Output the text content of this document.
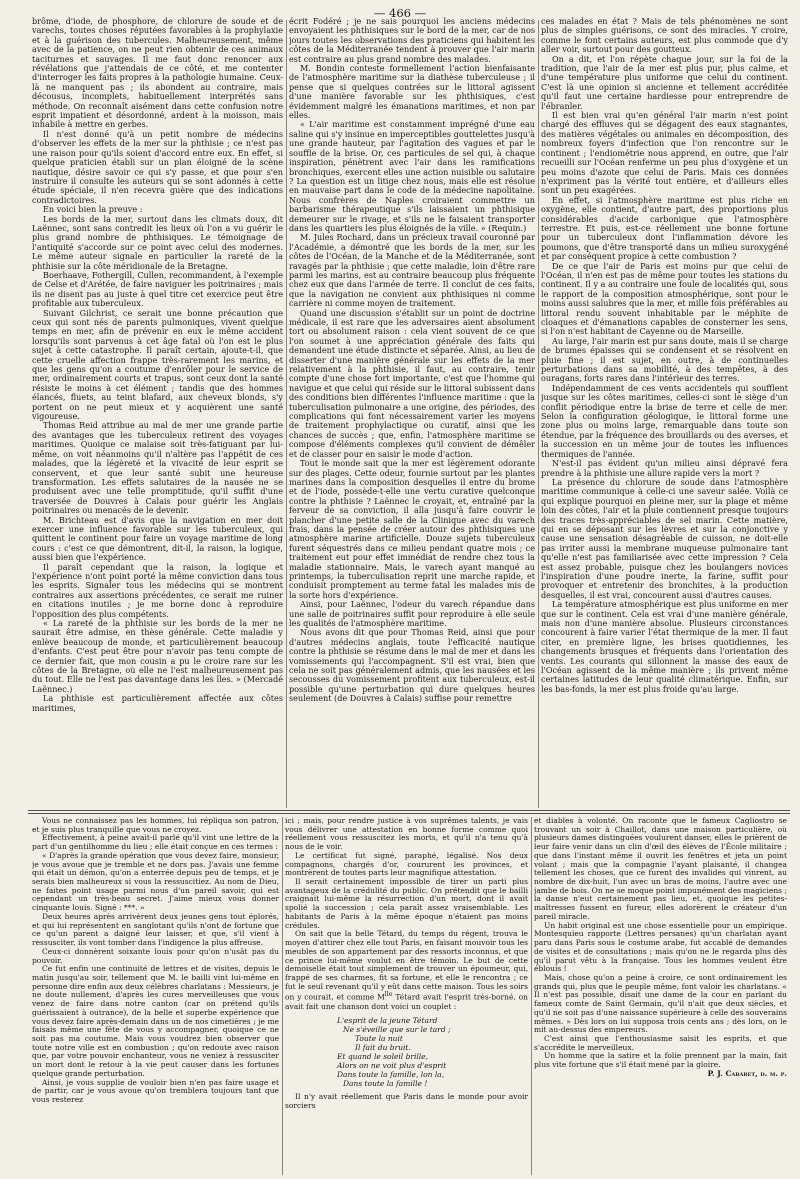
— 466 —

brôme, d'iode, de phosphore, de chlorure de soude et de varechs, toutes choses réputées favorables à la prophylaxie et à la guérison des tubercules. Malheureusement, même avec de la patience, on ne peut rien obtenir de ces animaux taciturnes et sauvages. Il me faut donc renoncer aux révélations que j'attendais de ce côté, et me contenter d'interroger les faits propres à la pathologie humaine. Ceux-là ne manquent pas ; ils abondent au contraire, mais décousus, incomplets, habituellement interprétés sans méthode. On reconnaît aisément dans cette confusion notre esprit impatient et désordonné, ardent à la moisson, mais inhabile à mettre en gerbes.

Il n'est donné qu'à un petit nombre de médecins d'observer les effets de la mer sur la phthisie ; ce n'est pas une raison pour qu'ils soient d'accord entre eux. En effet, si quelque praticien établi sur un plan éloigné de la scène nautique, désire savoir ce qui s'y passe, et que pour s'en instruire il consulte les auteurs qui se sont adonnés à cette étude spéciale, il n'en recevra guère que des indications contradictoires.

En voici bien la preuve :

Les bords de la mer, surtout dans les climats doux, dit Laënnec, sont sans contredit les lieux où l'on a vu guérir le plus grand nombre de phthisiques. Le témoignage de l'antiquité s'accorde sur ce point avec celui des modernes. Le même auteur signale en particulier la rareté de la phthisie sur la côte méridionale de la Bretagne.

Boerhaave, Fothergill, Cullen, recommandent, à l'exemple de Celse et d'Arétée, de faire naviguer les poitrinaires ; mais ils ne disent pas au juste à quel titre cet exercice peut être profitable aux tuberculeux.

Suivant Gilchrist, ce serait une bonne précaution que ceux qui sont nés de parents pulmoniques, vivent quelque temps en mer, afin de prévenir en eux le même accident lorsqu'ils sont parvenus à cet âge fatal où l'on est le plus sujet à cette catastrophe. Il paraît certain, ajoute-t-il, que cette cruelle affection frappe très-rarement les marins, et que les gens qu'on a coutume d'enrôler pour le service de mer, ordinairement courts et trapus, sont ceux dont la santé résiste le moins à cet élément ; tandis que des hommes élancés, fluets, au teint blafard, aux cheveux blonds, s'y portent on ne peut mieux et y acquièrent une santé vigoureuse.

Thomas Reid attribue au mal de mer une grande partie des avantages que les tuberculeux retirent des voyages maritimes. Quoique ce malaise soit très-fatiguant par lui-même, on voit néanmoins qu'il n'altère pas l'appétit de ces malades, que la légèreté et la vivacité de leur esprit se conservent, et que leur santé subit une heureuse transformation. Les effets salutaires de la nausée ne se produisent avec une telle promptitude, qu'il suffit d'une traversée de Douvres à Calais pour guérir les Anglais poitrinaires ou menacés de le devenir.

M. Brichteau est d'avis que la navigation en mer doit exercer une influence favorable sur les tuberculeux, qui quittent le continent pour faire un voyage maritime de long cours : c'est ce que démontrent, dit-il, la raison, la logique, aussi bien que l'expérience.

Il paraît cependant que la raison, la logique et l'expérience n'ont point porté la même conviction dans tous les esprits. Signaler tous les médecins qui se montrent contraires aux assertions précédentes, ce serait me ruiner en citations inutiles ; je me borne donc à reproduire l'opposition des plus compétents.

« La rareté de la phthisie sur les bords de la mer ne saurait être admise, en thèse générale. Cette maladie y enlève beaucoup de monde, et particulièrement beaucoup d'enfants. C'est peut être pour n'avoir pas tenu compte de ce dernier fait, que mon cousin a pu le croire rare sur les côtes de la Bretagne, où elle ne l'est malheureusement pas du tout. Elle ne l'est pas davantage dans les îles. » (Mercadé Laënnec.)

La phthisie est particulièrement affectée aux côtes maritimes,

écrit Fodéré ; je ne sais pourquoi les anciens médecins envoyaient les phthisiques sur le bord de la mer, car de nos jours toutes les observations des praticiens qui habitent les côtes de la Méditerranée tendent à prouver que l'air marin est contraire au plus grand nombre des malades.

M. Bondin conteste formellement l'action bienfaisante de l'atmosphère maritime sur la diathèse tuberculeuse ; il pense que si quelques contrées sur le littoral agissent d'une manière favorable sur les phthisiques, c'est évidemment malgré les émanations maritimes, et non par elles.

« L'air maritime est constamment imprégné d'une eau saline qui s'y insinue en imperceptibles gouttelettes jusqu'à une grande hauteur, par l'agitation des vagues et par le souffle de la brise. Or, ces particules de sel qui, à chaque inspiration, pénètrent avec l'air dans les ramifications bronchiques, exercent elles une action nuisible ou salutaire ? La question est un litige chez nous, mais elle est résolue en mauvaise part dans le code de la médecine napolitaine. Nous confrères de Naples croiraient commettre un barbarisme thérapeutique s'ils laissaient un phthisique demeurer sur le rivage, et s'ils ne le faisaient transporter dans les quartiers les plus éloignés de la ville. » (Requin.)

M. Jules Rochard, dans un précieux travail couronné par l'Académie, a démontré que les bords de la mer, sur les côtes de l'Océan, de la Manche et de la Méditerranée, sont ravagés par la phthisie ; que cette maladie, loin d'être rare parmi les marins, est au contraire beaucoup plus fréquente chez eux que dans l'armée de terre. Il conclut de ces faits, que la navigation ne convient aux phthisiques ni comme carrière ni comme moyen de traitement.

Quand une discussion s'établit sur un point de doctrine médicale, il est rare que les adversaires aient absolument tort ou absolument raison : cela vient souvent de ce que l'on soumet à une appréciation générale des faits qui demandent une étude distincte et séparée. Ainsi, au lieu de disserter d'une manière générale sur les effets de la mer relativement à la phthisie, il faut, au contraire, tenir compte d'une chose fort importante, c'est que l'homme qui navigue et que celui qui réside sur le littoral subissent dans des conditions bien différentes l'influence maritime : que la tuberculisation pulmonaire a une origine, des périodes, des complications qui font nécessairement varier les moyens de traitement prophylactique ou curatif, ainsi que les chances de succès ; que, enfin, l'atmosphère maritime se compose d'éléments complexes qu'il convient de démêler et de classer pour en saisir le mode d'action.

Tout le monde sait que la mer est légèrement odorante sur des plages. Cette odeur, fournie surtout par les plantes marines dans la composition desquelles il entre du brome et de l'iode, possède-t-elle une vertu curative quelconque contre la phthisie ? Laënnec le croyait, et, entraîné par la ferveur de sa conviction, il alla jusqu'à faire couvrir le plancher d'une petite salle de la Clinique avec du varech frais, dans la pensée de créer autour des phthisiques une atmosphère marine artificielle. Douze sujets tuberculeux furent séquestrés dans ce milieu pendant quatre mois ; ce traitement eut pour effet immédiat de rendre chez tous la maladie stationnaire. Mais, le varech ayant manqué au printemps, la tuberculisation reprit une marche rapide, et conduisit promptement au terme fatal les malades mis de la sorte hors d'expérience.

Ainsi, pour Laënnec, l'odeur du varech répandue dans une salle de poitrinaires suffit pour reproduire à elle seule les qualités de l'atmosphère maritime.

Nous avons dit que pour Thomas Reid, ainsi que pour d'autres médecins anglais, toute l'efficacité nautique contre la phthisie se résume dans le mal de mer et dans les vomissements qui l'accompagnent. S'il est vrai, bien que cela ne soit pas généralement admis, que les nausées et les secousses du vomissement profitent aux tuberculeux, est-il possible qu'une perturbation qui dure quelques heures seulement (de Douvres à Calais) suffise pour remettre

ces malades en état ? Mais de tels phénomènes ne sont plus de simples guérisons, ce sont des miracles. Y croire, comme le font certains auteurs, est plus commode que d'y aller voir, surtout pour des goutteux.

On a dit, et l'on répète chaque jour, sur la foi de la tradition, que l'air de la mer est plus pur, plus calme, et d'une température plus uniforme que celui du continent. C'est là une opinion si ancienne et tellement accréditée qu'il faut une certaine hardiesse pour entreprendre de l'ébranler.

Il est bien vrai qu'en général l'air marin n'est point chargé des effluves qui se dégagent des eaux stagnantes, des matières végétales ou animales en décomposition, des nombreux foyers d'infection que l'on rencontre sur le continent ; l'endiométrie nous apprend, en outre, que l'air recueilli sur l'Océan renferme un peu plus d'oxygène et un peu moins d'azote que celui de Paris. Mais ces données n'expriment pas la vérité tout entière, et d'ailleurs elles sont un peu exagérées.

En effet, si l'atmosphère maritime est plus riche en oxygène, elle contient, d'autre part, des proportions plus considérables d'acide carbonique que l'atmosphère terrestre. Et puis, est-ce réellement une bonne fortune pour un tuberculeux dont l'inflammation dévore les poumons, que d'être transporté dans un milieu suroxygéné et par conséquent propice à cette combustion ?

De ce que l'air de Paris est moins pur que celui de l'Océan, il n'en est pas de même pour toutes les stations du continent. Il y a au contraire une foule de localités qui, sous le rapport de la composition atmosphérique, sont pour le moins aussi salubres que la mer, et mille fois préférables au littoral rendu souvent inhabitable par le méphite de cloaques et d'émanations capables de consterner les sens, si l'on n'est habitant de Cayenne ou de Marseille.

Au large, l'air marin est pur sans doute, mais il se charge de brumes épaisses qui se condensent et se résolvent en pluie fine ; il est sujet, en outre, à de continuelles perturbations dans sa mobilité, à des tempêtes, à des ouragans, forts rares dans l'intérieur des terres.

Indépendamment de ces vents accidentels qui soufflent jusque sur les côtes maritimes, celles-ci sont le siège d'un conflit périodique entre la brise de terre et celle de mer. Selon la configuration géologique, le littoral forme une zone plus ou moins large, remarquable dans toute son étendue, par la fréquence des brouillards ou des averses, et la succession en un même jour de toutes les influences thermiques de l'année.

N'est-il pas évident qu'un milieu ainsi dépravé fera prendre à la phthisie une allure rapide vers la mort ?

La présence du chlorure de soude dans l'atmosphère maritime communique à celle-ci une saveur salée. Voilà ce qui explique pourquoi en pleine mer, sur la plage et même loin des côtes, l'air et la pluie contiennent presque toujours des traces très-appréciables de sel marin. Cette matière, qui en se déposant sur les lèvres et sur la conjonctive y cause une sensation désagréable de cuisson, ne doit-elle pas irriter aussi la membrane muqueuse pulmonaire tant qu'elle n'est pas familiarisée avec cette impression ? Cela est assez probable, puisque chez les boulangers novices l'inspiration d'une poudre inerte, la farine, suffit pour provoquer et entretenir des bronchites, à la production desquelles, il est vrai, concourent aussi d'autres causes.

La température atmosphérique est plus uniforme en mer que sur le continent. Cela est vrai d'une manière générale, mais non d'une manière absolue. Plusieurs circonstances concourent à faire varier l'état thermique de la mer. Il faut citer, en première ligne, les brises quotidiennes, les changements brusques et fréquents dans l'orientation des vents. Les courants qui sillonnent la masse des eaux de l'Océan agissent de la même manière ; ils privent même certaines latitudes de leur qualité climatérique. Enfin, sur les bas-fonds, la mer est plus froide qu'au large.

Vous ne connaissez pas les hommes, lui répliqua son patron, et je suis plus tranquille que vous ne croyez.

Effectivement, à peine avait-il parlé qu'il vint une lettre de la part d'un gentilhomme du lieu ; elle était conçue en ces termes :

« D'après la grande opération que vous devez faire, monsieur, je vous avoue que je tremble et ne dors pas. J'avais une femme qui était un démon, qu'on a enterrée depuis peu de temps, et je serais bien malheureux si vous la ressuscitiez. Au nom de Dieu, ne faites point usage parmi nous d'un pareil savoir, qui est cependant un très-beau secret. J'aime mieux vous donner cinquante louis. Signé : ***. »

Deux heures après arrivèrent deux jeunes gens tout éplorés, et qui lui représentent en sanglotant qu'ils n'ont de fortune que ce qu'un parent a daigné leur laisser, et que, s'il vient à ressusciter, ils vont tomber dans l'indigence la plus affreuse.

Ceux-ci donnèrent soixante louis pour qu'on n'usât pas du pouvoir.

Ce fut enfin une continuité de lettres et de visites, depuis le matin jusqu'au soir, tellement que M. le bailli vint lui-même en personne dire enfin aux deux célèbres charlatans : Messieurs, je ne doute nullement, d'après les cures merveilleuses que vous venez de faire dans notre canton (car on prétend qu'ils guérissaient à outrance), de la belle et superbe expérience que vous devez faire après-demain dans un de nos cimetières ; je me faisais même une fête de vous y accompagner, quoique ce ne soit pas ma coutume. Mais vous voudrez bien observer que toute notre ville est en combustion ; qu'on redoute avec raison que, par votre pouvoir enchanteur, vous ne veniez à ressusciter un mort dont le retour à la vie peut causer dans les fortunes quelque grande perturbation.

Ainsi, je vous supplie de vouloir bien n'en pas faire usage et de partir, car je vous avoue qu'on tremblera toujours tant que vous resterez

ici ; mais, pour rendre justice à vos suprêmes talents, je vais vous délivrer une attestation en bonne forme comme quoi réellement vous ressuscitez les morts, et qu'il n'a tenu qu'à nous de le voir.

Le certificat fut signé, paraphé, légalisé. Nos deux compagnons, chargés d'or, coururent les provinces, et montrèrent de toutes parts leur magnifique attestation.

Il serait certainement impossible de tirer un parti plus avantageux de la crédulité du public. On prétendit que le bailli craignait lui-même la résurrection d'un mort, dont il avait spolié la succession ; cela paraît assez vraisemblable. Les habitants de Paris à la même époque n'étaient pas moins crédules.

On sait que la belle Tétard, du temps du régent, trouva le moyen d'attirer chez elle tout Paris, en faisant mouvoir tous les meubles de son appartement par des ressorts inconnus, et que ce prince lui-même voulut en être témoin. Le but de cette demoiselle était tout simplement de trouver un époumeur, qui, frappé de ses charmes, fit sa fortune, et elle le rencontra ; ce fut le seul revenant qu'il y eût dans cette maison. Tous les soirs on y courait, et comme $M^{lle}$ Tétard avait l'esprit très-borné, on avait fait une chanson dont voici un couplet :

L'esprit de la jeune Tétard
Ne s'éveille que sur le tard ;
Toute la nuit
Il fait du bruit.
Et quand le soleil brille,
Alors on ne voit plus d'esprit
Dans toute la famille, lon la,
Dans toute la famille !

Il n'y avait réellement que Paris dans le monde pour avoir sorciers

et diables à volonté. On raconte que le fameux Cagliostro se trouvant un soir à Chaillot, dans une maison particulière, où plusieurs dames distinguées voulurent danser, elles le prièrent de leur faire venir dans un clin d'œil des élèves de l'École militaire ; que dans l'instant même il ouvrit les fenêtres et jeta un point volant ; mais que la compagnie l'ayant plaisanté, il changea tellement les choses, que ce furent des invalides qui vinrent, au nombre de dix-huit, l'un avec un bras de moins, l'autre avec une jambe de bois. On ne se moque point impunément des magiciens ; la danse n'eut certainement pas lieu, et, quoique les petites-maîtresses fussent en fureur, elles adorèrent le créateur d'un pareil miracle.

Un habit original est une chose essentielle pour un empirique. Montesquieu rapporte (Lettres persanes) qu'un charlatan ayant paru dans Paris sous le costume arabe, fut accablé de demandes de visites et de consultations ; mais qu'on ne le regarda plus dès qu'il parut vêtu à la française. Tous les hommes veulent être éblouis !

Mais, chose qu'on a peine à croire, ce sont ordinairement les grands qui, plus que le peuple même, font valoir les charlatans. « Il n'est pas possible, disait une dame de la cour en parlant du fameux comte de Saint Germain, qu'il n'ait que deux siècles, et qu'il ne soit pas d'une naissance supérieure à celle des souverains mêmes. » Dès lors on lui supposa trois cents ans ; dès lors, on le mit au-dessus des empereurs.

C'est ainsi que l'enthousiasme saisit les esprits, et que s'accrédite le merveilleux.

Un homme que la satire et la folie prennent par la main, fait plus vite fortune que s'il était mené par la gloire.

P. J. Cabaret, d. m. p.
